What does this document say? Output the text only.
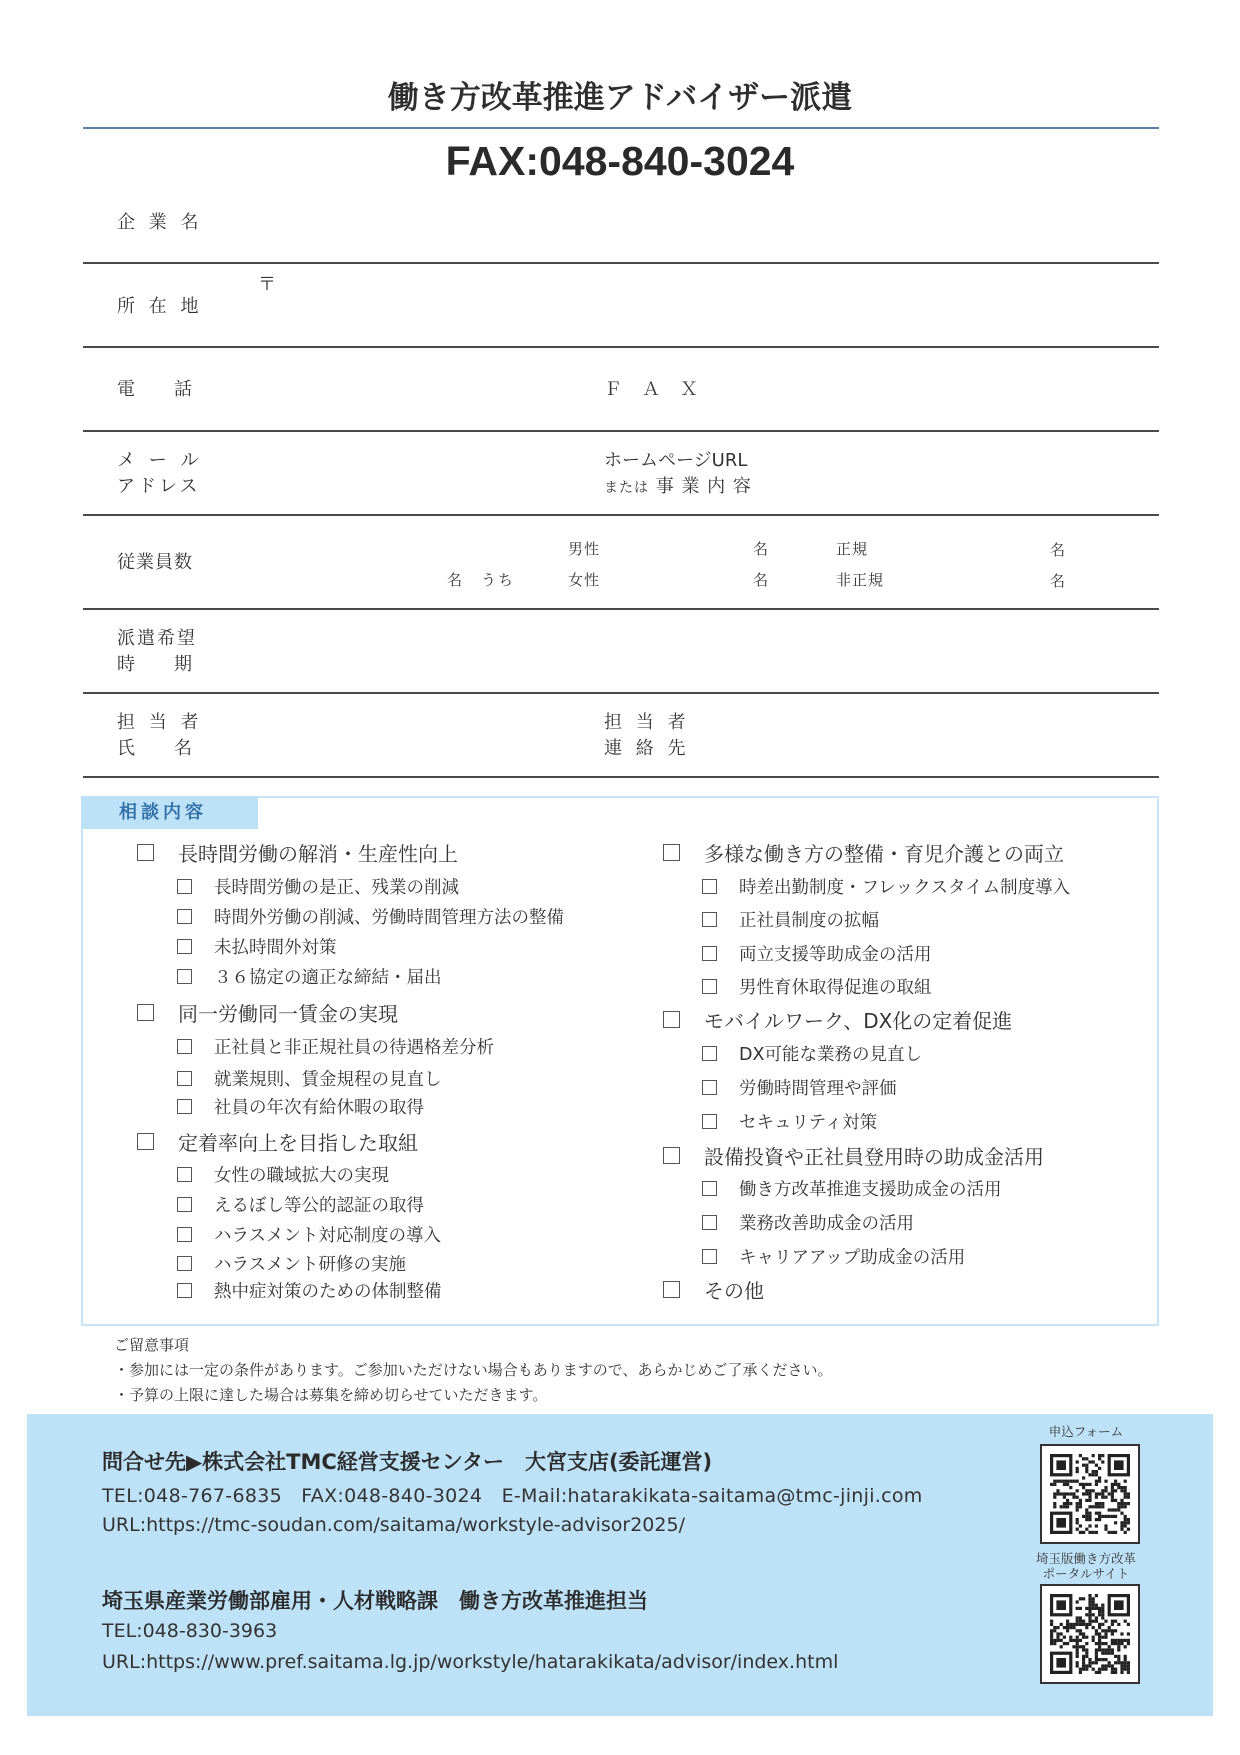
働き方改革推進アドバイザー派遣
FAX:048-840-3024
企 業 名
〒
所 在 地
電　　話	Ｆ　Ａ　Ｘ
メ ー ル
アドレス
ホームページURL
または 事 業 内 容
従業員数
名　うち
男性
女性
名
名
正規
非正規
名
名
派遣希望
時　　期
担 当 者
氏　　名
担 当 者
連 絡 先
相談内容
長時間労働の解消・生産性向上
長時間労働の是正、残業の削減
時間外労働の削減、労働時間管理方法の整備
未払時間外対策
３６協定の適正な締結・届出
同一労働同一賃金の実現
正社員と非正規社員の待遇格差分析
就業規則、賃金規程の見直し
社員の年次有給休暇の取得
定着率向上を目指した取組
女性の職域拡大の実現
えるぼし等公的認証の取得
ハラスメント対応制度の導入
ハラスメント研修の実施
熱中症対策のための体制整備
多様な働き方の整備・育児介護との両立
時差出勤制度・フレックスタイム制度導入
正社員制度の拡幅
両立支援等助成金の活用
男性育休取得促進の取組
モバイルワーク、DX化の定着促進
DX可能な業務の見直し
労働時間管理や評価
セキュリティ対策
設備投資や正社員登用時の助成金活用
働き方改革推進支援助成金の活用
業務改善助成金の活用
キャリアアップ助成金の活用
その他
ご留意事項
・参加には一定の条件があります。ご参加いただけない場合もありますので、あらかじめご了承ください。
・予算の上限に達した場合は募集を締め切らせていただきます。
問合せ先▶株式会社TMC経営支援センター　大宮支店(委託運営)
TEL:048-767-6835　FAX:048-840-3024　E-Mail:hatarakikata-saitama@tmc-jinji.com
URL:https://tmc-soudan.com/saitama/workstyle-advisor2025/
埼玉県産業労働部雇用・人材戦略課　働き方改革推進担当
TEL:048-830-3963
URL:https://www.pref.saitama.lg.jp/workstyle/hatarakikata/advisor/index.html
申込フォーム
埼玉版働き方改革
ポータルサイト
